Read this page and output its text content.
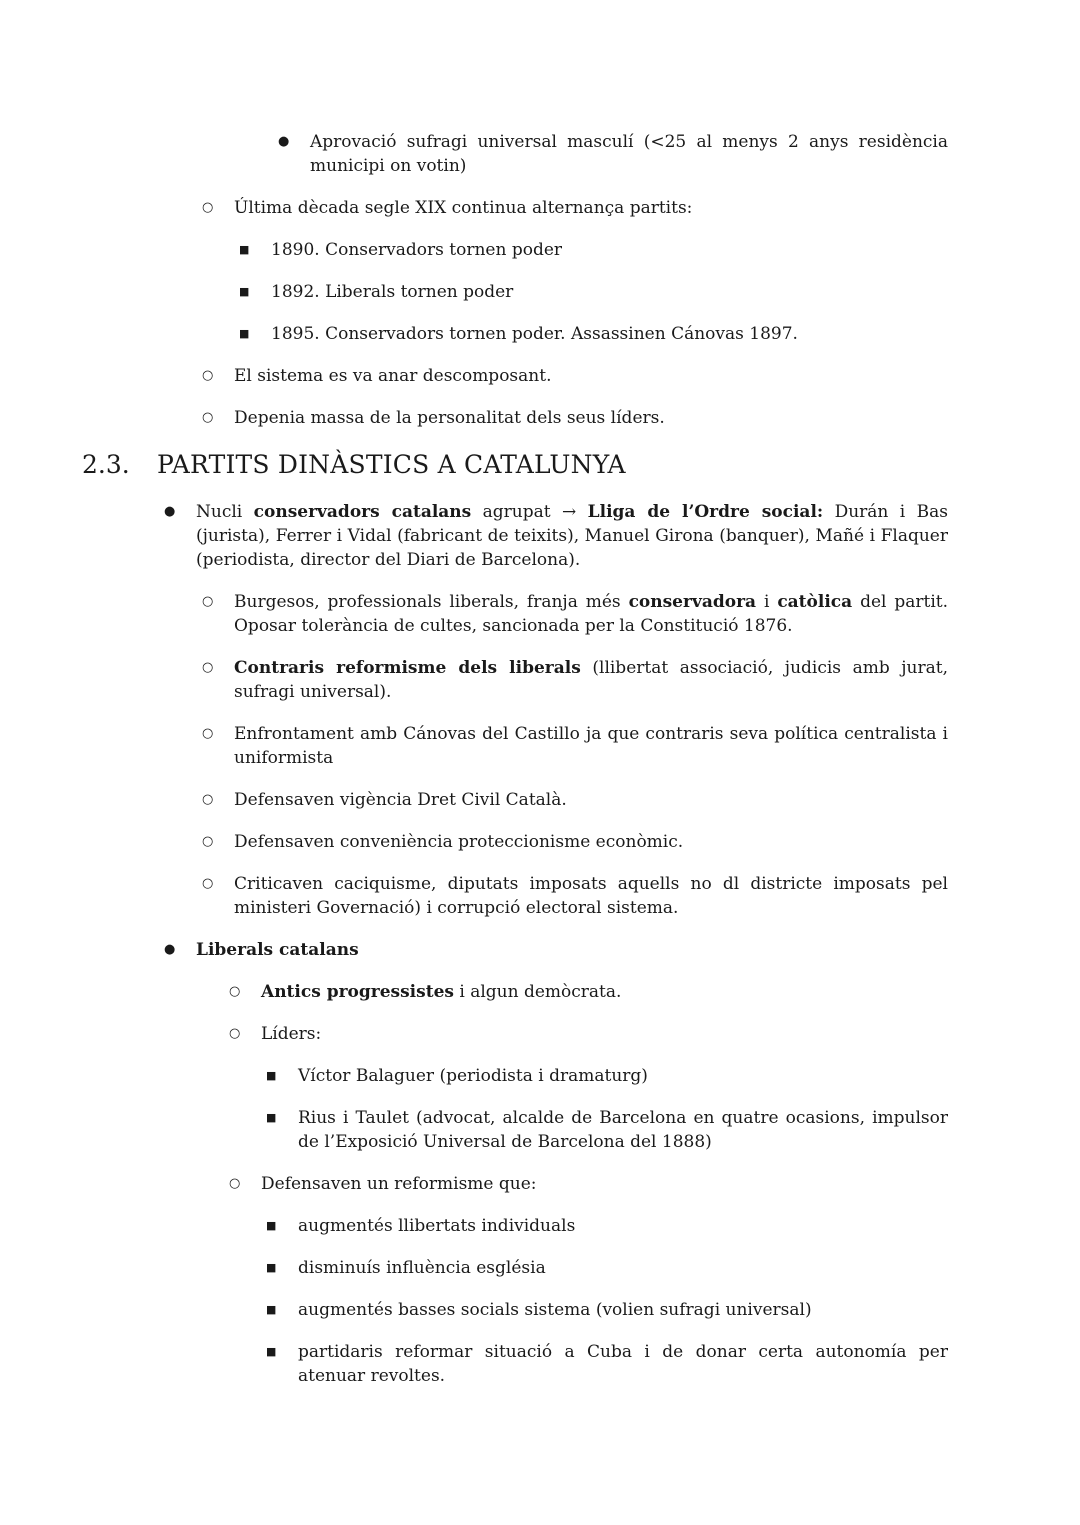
● Aprovació sufragi universal masculí (<25 al menys 2 anys residència municipi on votin)

○ Última dècada segle XIX continua alternança partits:

■ 1890. Conservadors tornen poder

■ 1892. Liberals tornen poder

■ 1895. Conservadors tornen poder. Assassinen Cánovas 1897.

○ El sistema es va anar descomposant.

○ Depenia massa de la personalitat dels seus líders.

2.3. PARTITS DINÀSTICS A CATALUNYA
● Nucli conservadors catalans agrupat → Lliga de l’Ordre social: Durán i Bas (jurista), Ferrer i Vidal (fabricant de teixits), Manuel Girona (banquer), Mañé i Flaquer (periodista, director del Diari de Barcelona).

○ Burgesos, professionals liberals, franja més conservadora i catòlica del partit. Oposar tolerància de cultes, sancionada per la Constitució 1876.

○ Contraris reformisme dels liberals (llibertat associació, judicis amb jurat, sufragi universal).

○ Enfrontament amb Cánovas del Castillo ja que contraris seva política centralista i uniformista

○ Defensaven vigència Dret Civil Català.

○ Defensaven conveniència proteccionisme econòmic.

○ Criticaven caciquisme, diputats imposats aquells no dl districte imposats pel ministeri Governació) i corrupció electoral sistema.

● Liberals catalans

○ Antics progressistes i algun demòcrata.

○ Líders:

■ Víctor Balaguer (periodista i dramaturg)

■ Rius i Taulet (advocat, alcalde de Barcelona en quatre ocasions, impulsor de l’Exposició Universal de Barcelona del 1888)

○ Defensaven un reformisme que:

■ augmentés llibertats individuals

■ disminuís influència església

■ augmentés basses socials sistema (volien sufragi universal)

■ partidaris reformar situació a Cuba i de donar certa autonomía per atenuar revoltes.
